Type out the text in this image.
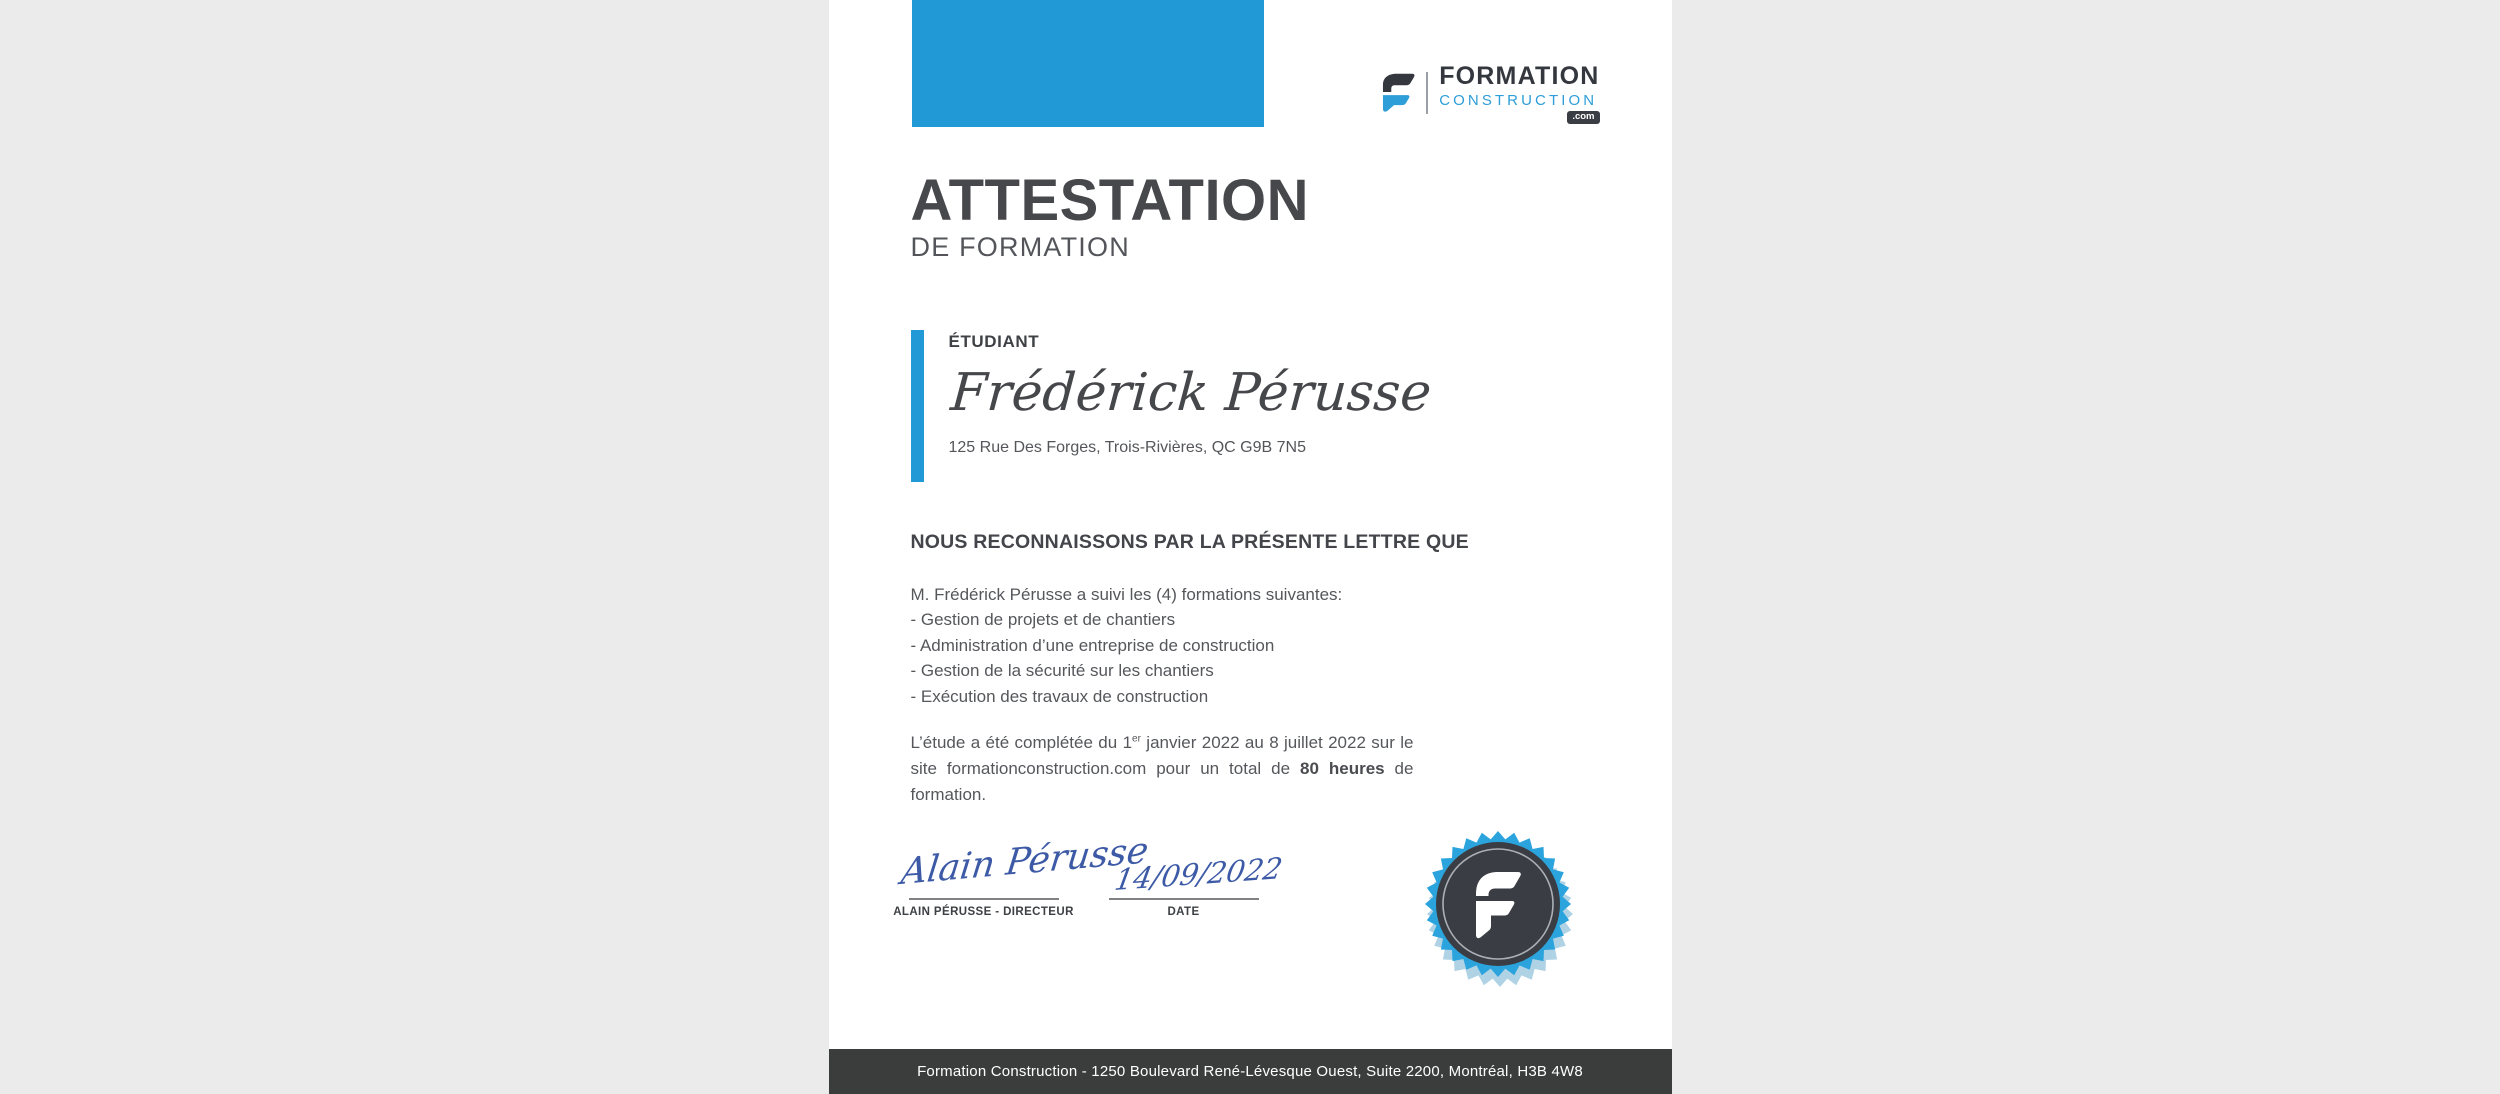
FORMATION
CONSTRUCTION
.com
ATTESTATION
DE FORMATION
ÉTUDIANT
Frédérick Pérusse
125 Rue Des Forges, Trois-Rivières, QC G9B 7N5
NOUS RECONNAISSONS PAR LA PRÉSENTE LETTRE QUE
M. Frédérick Pérusse a suivi les (4) formations suivantes:
- Gestion de projets et de chantiers
- Administration d’une entreprise de construction
- Gestion de la sécurité sur les chantiers
- Exécution des travaux de construction

L’étude a été complétée du 1er janvier 2022 au 8 juillet 2022 sur le site formationconstruction.com pour un total de 80 heures de formation.

Alain Pérusse
ALAIN PÉRUSSE - DIRECTEUR
14/09/2022
DATE
Formation Construction - 1250 Boulevard René-Lévesque Ouest, Suite 2200, Montréal, H3B 4W8
